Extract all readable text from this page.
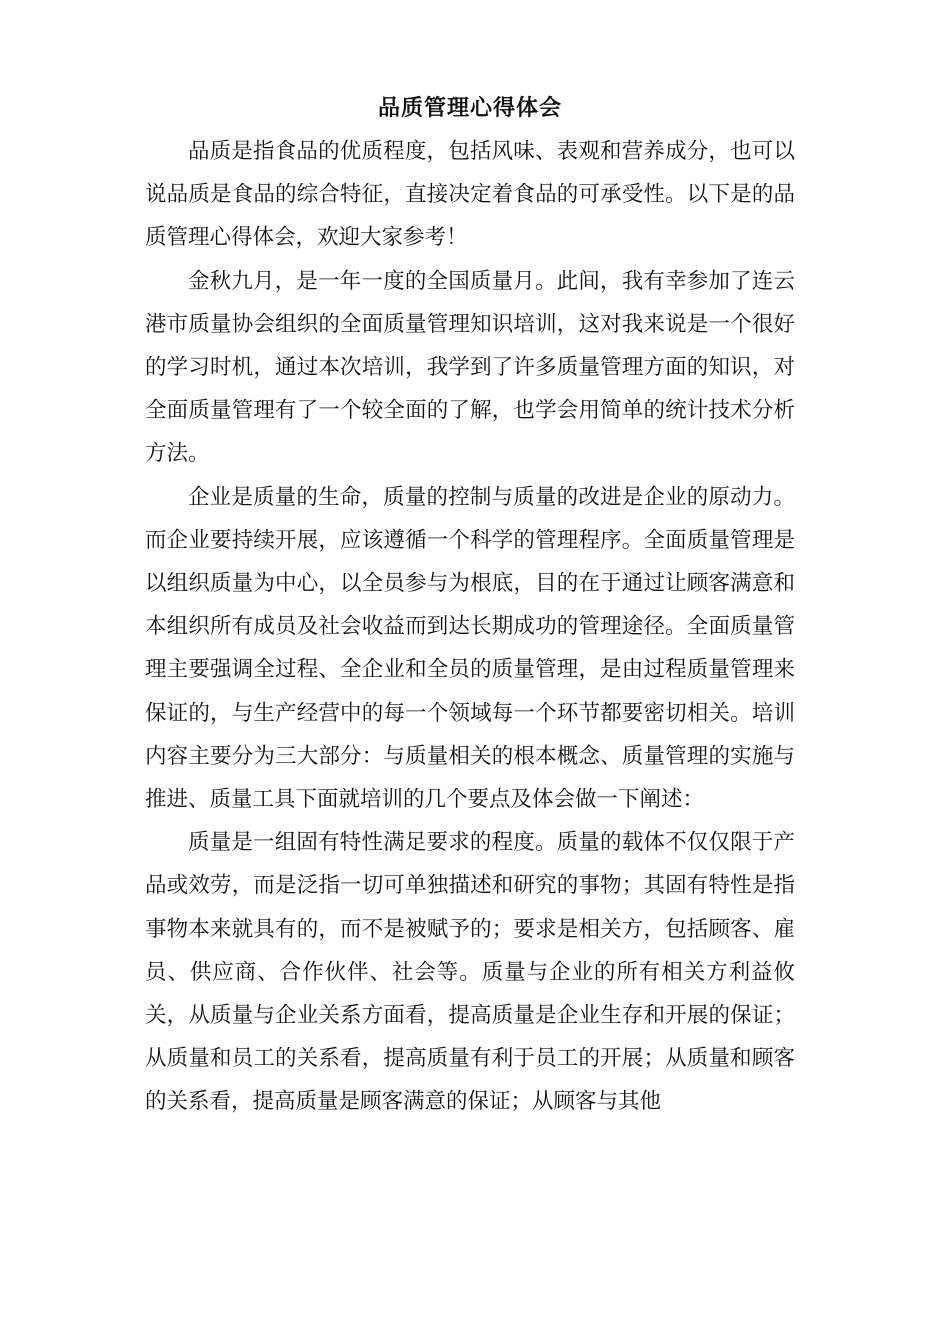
品质管理心得体会

品质是指食品的优质程度，包括风味、表观和营养成分，也可以说品质是食品的综合特征，直接决定着食品的可承受性。以下是的品质管理心得体会，欢迎大家参考！

金秋九月，是一年一度的全国质量月。此间，我有幸参加了连云港市质量协会组织的全面质量管理知识培训，这对我来说是一个很好的学习时机，通过本次培训，我学到了许多质量管理方面的知识，对全面质量管理有了一个较全面的了解，也学会用简单的统计技术分析方法。

企业是质量的生命，质量的控制与质量的改进是企业的原动力。而企业要持续开展，应该遵循一个科学的管理程序。全面质量管理是以组织质量为中心，以全员参与为根底，目的在于通过让顾客满意和本组织所有成员及社会收益而到达长期成功的管理途径。全面质量管理主要强调全过程、全企业和全员的质量管理，是由过程质量管理来保证的，与生产经营中的每一个领域每一个环节都要密切相关。培训内容主要分为三大部分：与质量相关的根本概念、质量管理的实施与推进、质量工具下面就培训的几个要点及体会做一下阐述：

质量是一组固有特性满足要求的程度。质量的载体不仅仅限于产品或效劳，而是泛指一切可单独描述和研究的事物；其固有特性是指事物本来就具有的，而不是被赋予的；要求是相关方，包括顾客、雇员、供应商、合作伙伴、社会等。质量与企业的所有相关方利益攸关，从质量与企业关系方面看，提高质量是企业生存和开展的保证；从质量和员工的关系看，提高质量有利于员工的开展；从质量和顾客的关系看，提高质量是顾客满意的保证；从顾客与其他
